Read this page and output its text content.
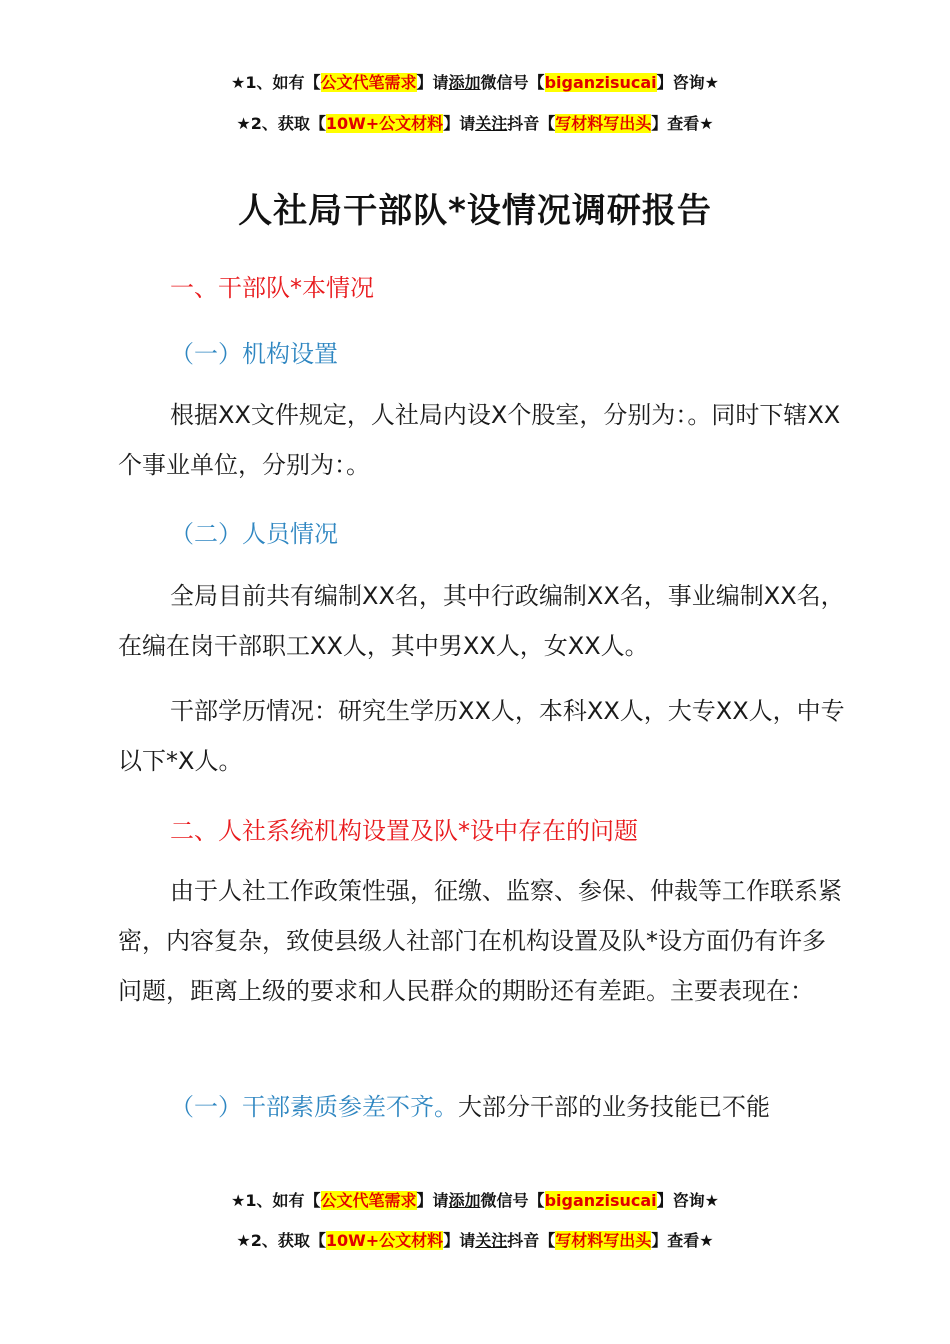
★1、如有【公文代笔需求】请添加微信号【biganzisucai】咨询★
★2、获取【10W+公文材料】请关注抖音【写材料写出头】查看★
人社局干部队*设情况调研报告
一、干部队*本情况
（一）机构设置
根据XX文件规定，人社局内设X个股室，分别为：。同时下辖XX个事业单位，分别为：。
（二）人员情况
全局目前共有编制XX名，其中行政编制XX名，事业编制XX名，在编在岗干部职工XX人，其中男XX人，女XX人。
干部学历情况：研究生学历XX人，本科XX人，大专XX人，中专以下*X人。
二、人社系统机构设置及队*设中存在的问题
由于人社工作政策性强，征缴、监察、参保、仲裁等工作联系紧密，内容复杂，致使县级人社部门在机构设置及队*设方面仍有许多问题，距离上级的要求和人民群众的期盼还有差距。主要表现在：
（一）干部素质参差不齐。大部分干部的业务技能已不能
★1、如有【公文代笔需求】请添加微信号【biganzisucai】咨询★
★2、获取【10W+公文材料】请关注抖音【写材料写出头】查看★
